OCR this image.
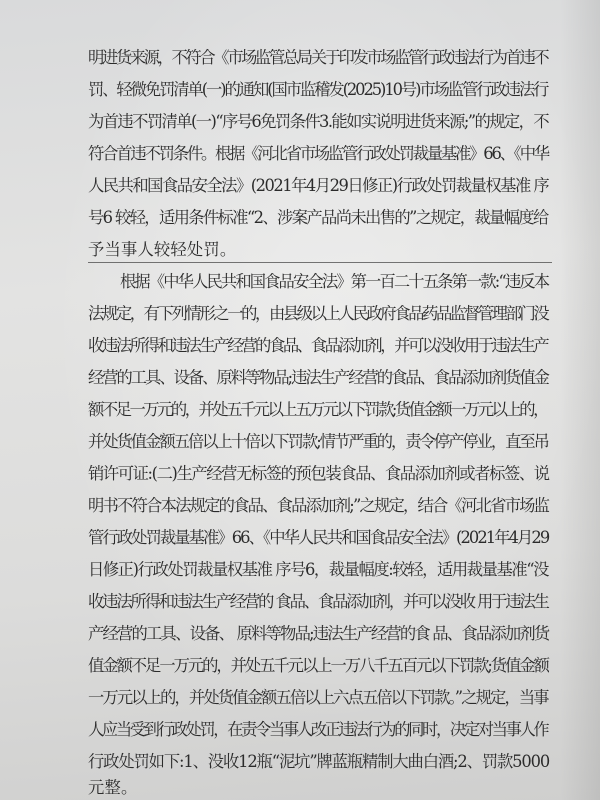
明进货来源，不符合《市场监管总局关于印发市场监管行政违法行为首违不
罚、轻微免罚清单(一)的通知(国市监稽发(2025)10号)市场监管行政违法行
为首违不罚清单(一)“序号6免罚条件3.能如实说明进货来源;”的规定，不
符合首违不罚条件。根据《河北省市场监管行政处罚裁量基准》66、《中华
人民共和国食品安全法》(2021年4月29日修正)行政处罚裁量权基准 序
号6 较轻，适用条件标准“2、涉案产品尚未出售的”之规定，裁量幅度给
予当事人较轻处罚。
根据《中华人民共和国食品安全法》第一百二十五条第一款:“违反本
法规定，有下列情形之一的，由县级以上人民政府食品药品监督管理部门没
收违法所得和违法生产经营的食品、食品添加剂，并可以没收用于违法生产
经营的工具、设备、原料等物品;违法生产经营的食品、食品添加剂货值金
额不足一万元的，并处五千元以上五万元以下罚款;货值金额一万元以上的，
并处货值金额五倍以上十倍以下罚款;情节严重的，责令停产停业，直至吊
销许可证:(二)生产经营无标签的预包装食品、食品添加剂或者标签、说
明书不符合本法规定的食品、食品添加剂;”之规定，结合《河北省市场监
管行政处罚裁量基准》66、《中华人民共和国食品安全法》(2021年4月29
日修正)行政处罚裁量权基准 序号6，裁量幅度:较轻，适用裁量基准“没
收违法所得和违法生产经营的 食品、食品添加剂，并可以没收 用于违法生
产经营的工具、设备、 原料等物品;违法生产经营的食 品、食品添加剂货
值金额不足一万元的，并处五千元以上一万八千五百元以下罚款;货值金额
一万元以上的，并处货值金额五倍以上六点五倍以下罚款。”之规定，当事
人应当受到行政处罚，在责令当事人改正违法行为的同时，决定对当事人作
行政处罚如下:1、没收12瓶“泥坑”牌蓝瓶精制大曲白酒;2、罚款5000
元整。
